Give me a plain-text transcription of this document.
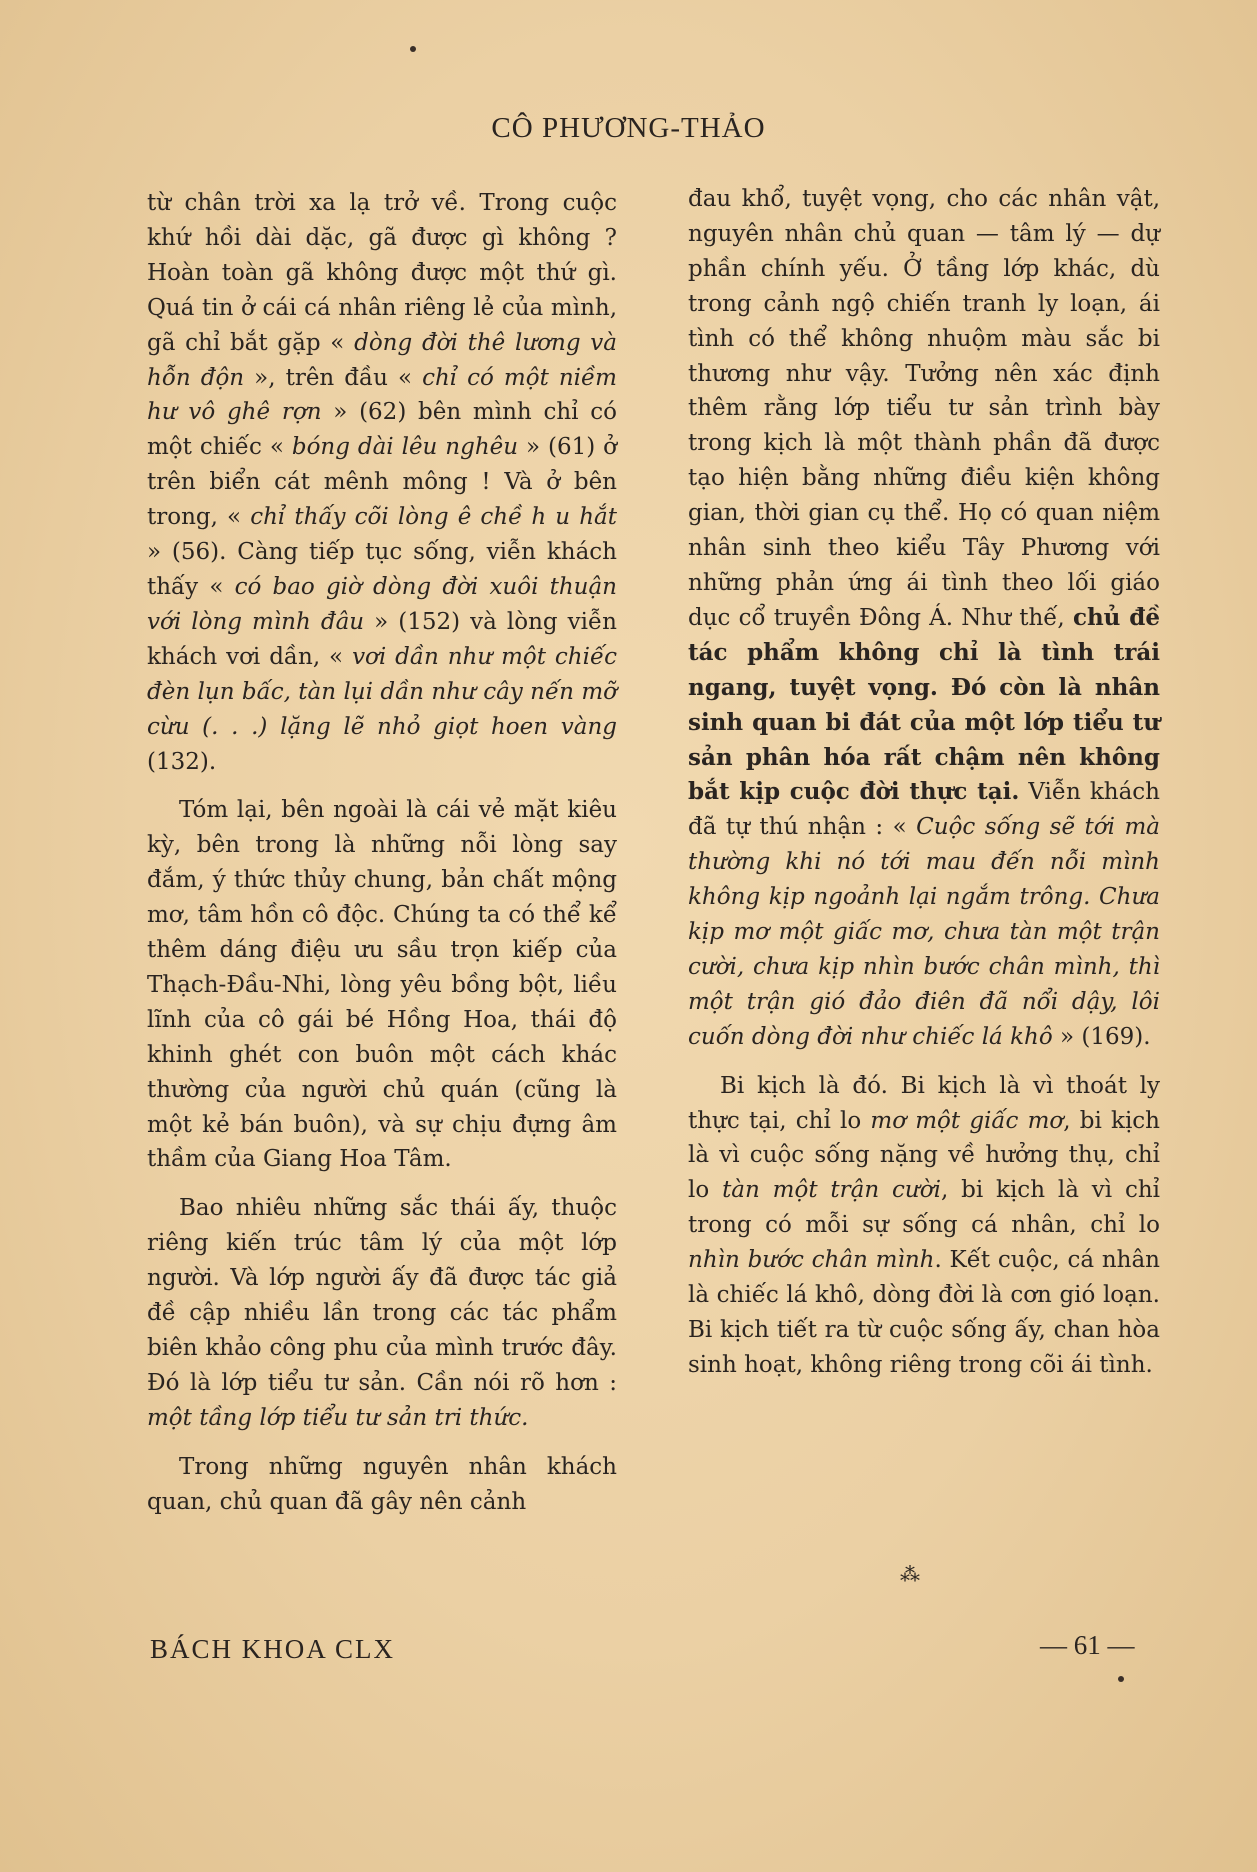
CÔ PHƯƠNG-THẢO

từ chân trời xa lạ trở về. Trong cuộc khứ hồi dài dặc, gã được gì không ? Hoàn toàn gã không được một thứ gì. Quá tin ở cái cá nhân riêng lẻ của mình, gã chỉ bắt gặp « dòng đời thê lương và hỗn độn », trên đầu « chỉ có một niềm hư vô ghê rợn » (62) bên mình chỉ có một chiếc « bóng dài lêu nghêu » (61) ở trên biển cát mênh mông ! Và ở bên trong, « chỉ thấy cõi lòng ê chề h u hắt » (56). Càng tiếp tục sống, viễn khách thấy « có bao giờ dòng đời xuôi thuận với lòng mình đâu » (152) và lòng viễn khách vơi dần, « vơi dần như một chiếc đèn lụn bấc, tàn lụi dần như cây nến mỡ cừu (. . .) lặng lẽ nhỏ giọt hoen vàng (132).

Tóm lại, bên ngoài là cái vẻ mặt kiêu kỳ, bên trong là những nỗi lòng say đắm, ý thức thủy chung, bản chất mộng mơ, tâm hồn cô độc. Chúng ta có thể kể thêm dáng điệu ưu sầu trọn kiếp của Thạch-Đầu-Nhi, lòng yêu bồng bột, liều lĩnh của cô gái bé Hồng Hoa, thái độ khinh ghét con buôn một cách khác thường của người chủ quán (cũng là một kẻ bán buôn), và sự chịu đựng âm thầm của Giang Hoa Tâm.

Bao nhiêu những sắc thái ấy, thuộc riêng kiến trúc tâm lý của một lớp người. Và lớp người ấy đã được tác giả đề cập nhiều lần trong các tác phẩm biên khảo công phu của mình trước đây. Đó là lớp tiểu tư sản. Cần nói rõ hơn : một tầng lớp tiểu tư sản tri thức.

Trong những nguyên nhân khách quan, chủ quan đã gây nên cảnh

đau khổ, tuyệt vọng, cho các nhân vật, nguyên nhân chủ quan — tâm lý — dự phần chính yếu. Ở tầng lớp khác, dù trong cảnh ngộ chiến tranh ly loạn, ái tình có thể không nhuộm màu sắc bi thương như vậy. Tưởng nên xác định thêm rằng lớp tiểu tư sản trình bày trong kịch là một thành phần đã được tạo hiện bằng những điều kiện không gian, thời gian cụ thể. Họ có quan niệm nhân sinh theo kiểu Tây Phương với những phản ứng ái tình theo lối giáo dục cổ truyền Đông Á. Như thế, chủ đề tác phẩm không chỉ là tình trái ngang, tuyệt vọng. Đó còn là nhân sinh quan bi đát của một lớp tiểu tư sản phân hóa rất chậm nên không bắt kịp cuộc đời thực tại. Viễn khách đã tự thú nhận : « Cuộc sống sẽ tới mà thường khi nó tới mau đến nỗi mình không kịp ngoảnh lại ngắm trông. Chưa kịp mơ một giấc mơ, chưa tàn một trận cười, chưa kịp nhìn bước chân mình, thì một trận gió đảo điên đã nổi dậy, lôi cuốn dòng đời như chiếc lá khô » (169).

Bi kịch là đó. Bi kịch là vì thoát ly thực tại, chỉ lo mơ một giấc mơ, bi kịch là vì cuộc sống nặng về hưởng thụ, chỉ lo tàn một trận cười, bi kịch là vì chỉ trong có mỗi sự sống cá nhân, chỉ lo nhìn bước chân mình. Kết cuộc, cá nhân là chiếc lá khô, dòng đời là cơn gió loạn. Bi kịch tiết ra từ cuộc sống ấy, chan hòa sinh hoạt, không riêng trong cõi ái tình.

⁂
BÁCH KHOA CLX	— 61 —
